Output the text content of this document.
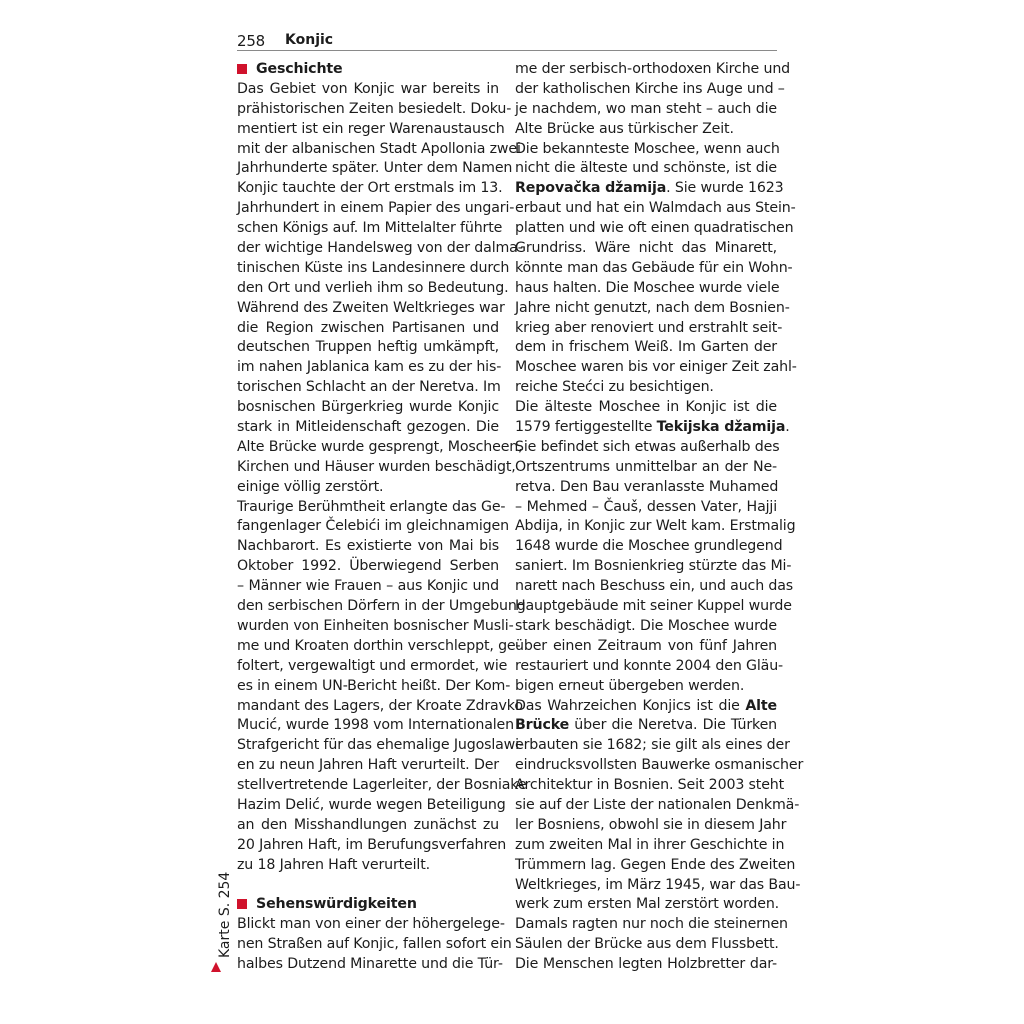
258 Konjic
Geschichte
Das Gebiet von Konjic war bereits in
prähistorischen Zeiten besiedelt. Doku-
mentiert ist ein reger Warenaustausch
mit der albanischen Stadt Apollonia zwei
Jahrhunderte später. Unter dem Namen
Konjic tauchte der Ort erstmals im 13.
Jahrhundert in einem Papier des ungari-
schen Königs auf. Im Mittelalter führte
der wichtige Handelsweg von der dalma-
tinischen Küste ins Landesinnere durch
den Ort und verlieh ihm so Bedeutung.
Während des Zweiten Weltkrieges war
die Region zwischen Partisanen und
deutschen Truppen heftig umkämpft,
im nahen Jablanica kam es zu der his-
torischen Schlacht an der Neretva. Im
bosnischen Bürgerkrieg wurde Konjic
stark in Mitleidenschaft gezogen. Die
Alte Brücke wurde gesprengt, Moscheen,
Kirchen und Häuser wurden beschädigt,
einige völlig zerstört.
Traurige Berühmtheit erlangte das Ge-
fangenlager Čelebići im gleichnamigen
Nachbarort. Es existierte von Mai bis
Oktober 1992. Überwiegend Serben
– Männer wie Frauen – aus Konjic und
den serbischen Dörfern in der Umgebung
wurden von Einheiten bosnischer Musli-
me und Kroaten dorthin verschleppt, ge-
foltert, vergewaltigt und ermordet, wie
es in einem UN-Bericht heißt. Der Kom-
mandant des Lagers, der Kroate Zdravko
Mucić, wurde 1998 vom Internationalen
Strafgericht für das ehemalige Jugoslawi-
en zu neun Jahren Haft verurteilt. Der
stellvertretende Lagerleiter, der Bosniake
Hazim Delić, wurde wegen Beteiligung
an den Misshandlungen zunächst zu
20 Jahren Haft, im Berufungsverfahren
zu 18 Jahren Haft verurteilt.
Sehenswürdigkeiten
Blickt man von einer der höhergelege-
nen Straßen auf Konjic, fallen sofort ein
halbes Dutzend Minarette und die Tür-
me der serbisch-orthodoxen Kirche und
der katholischen Kirche ins Auge und –
je nachdem, wo man steht – auch die
Alte Brücke aus türkischer Zeit.
Die bekannteste Moschee, wenn auch
nicht die älteste und schönste, ist die
Repovačka džamija. Sie wurde 1623
erbaut und hat ein Walmdach aus Stein-
platten und wie oft einen quadratischen
Grundriss. Wäre nicht das Minarett,
könnte man das Gebäude für ein Wohn-
haus halten. Die Moschee wurde viele
Jahre nicht genutzt, nach dem Bosnien-
krieg aber renoviert und erstrahlt seit-
dem in frischem Weiß. Im Garten der
Moschee waren bis vor einiger Zeit zahl-
reiche Stećci zu besichtigen.
Die älteste Moschee in Konjic ist die
1579 fertiggestellte Tekijska džamija.
Sie befindet sich etwas außerhalb des
Ortszentrums unmittelbar an der Ne-
retva. Den Bau veranlasste Muhamed
– Mehmed – Čauš, dessen Vater, Hajji
Abdija, in Konjic zur Welt kam. Erstmalig
1648 wurde die Moschee grundlegend
saniert. Im Bosnienkrieg stürzte das Mi-
narett nach Beschuss ein, und auch das
Hauptgebäude mit seiner Kuppel wurde
stark beschädigt. Die Moschee wurde
über einen Zeitraum von fünf Jahren
restauriert und konnte 2004 den Gläu-
bigen erneut übergeben werden.
Das Wahrzeichen Konjics ist die Alte
Brücke über die Neretva. Die Türken
erbauten sie 1682; sie gilt als eines der
eindrucksvollsten Bauwerke osmanischer
Architektur in Bosnien. Seit 2003 steht
sie auf der Liste der nationalen Denkmä-
ler Bosniens, obwohl sie in diesem Jahr
zum zweiten Mal in ihrer Geschichte in
Trümmern lag. Gegen Ende des Zweiten
Weltkrieges, im März 1945, war das Bau-
werk zum ersten Mal zerstört worden.
Damals ragten nur noch die steinernen
Säulen der Brücke aus dem Flussbett.
Die Menschen legten Holzbretter dar-
Karte S. 254
